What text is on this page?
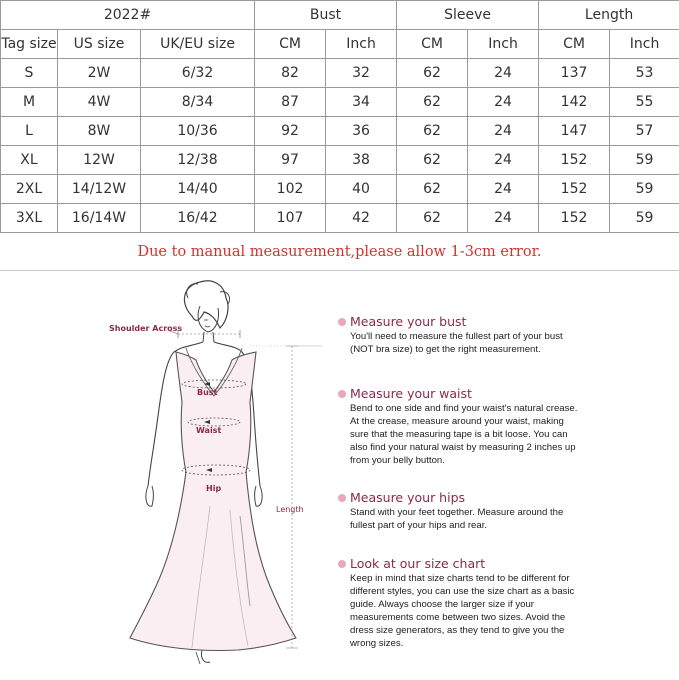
2022#			Bust		Sleeve		Length	
Tag size	US size	UK/EU size	CM	Inch	CM	Inch	CM	Inch
S	2W	6/32	82	32	62	24	137	53
M	4W	8/34	87	34	62	24	142	55
L	8W	10/36	92	36	62	24	147	57
XL	12W	12/38	97	38	62	24	152	59
2XL	14/12W	14/40	102	40	62	24	152	59
3XL	16/14W	16/42	107	42	62	24	152	59
Due to manual measurement,please allow 1-3cm error.
Shoulder Across
Bust
Waist
Hip
Length
Measure your bust
You'll need to measure the fullest part of your bust
(NOT bra size) to get the right measurement.
Measure your waist
Bend to one side and find your waist's natural crease.
At the crease, measure around your waist, making
sure that the measuring tape is a bit loose. You can
also find your natural waist by measuring 2 inches up
from your belly button.
Measure your hips
Stand with your feet together. Measure around the
fullest part of your hips and rear.
Look at our size chart
Keep in mind that size charts tend to be different for
different styles, you can use the size chart as a basic
guide. Always choose the larger size if your
measurements come between two sizes. Avoid the
dress size generators, as they tend to give you the
wrong sizes.
